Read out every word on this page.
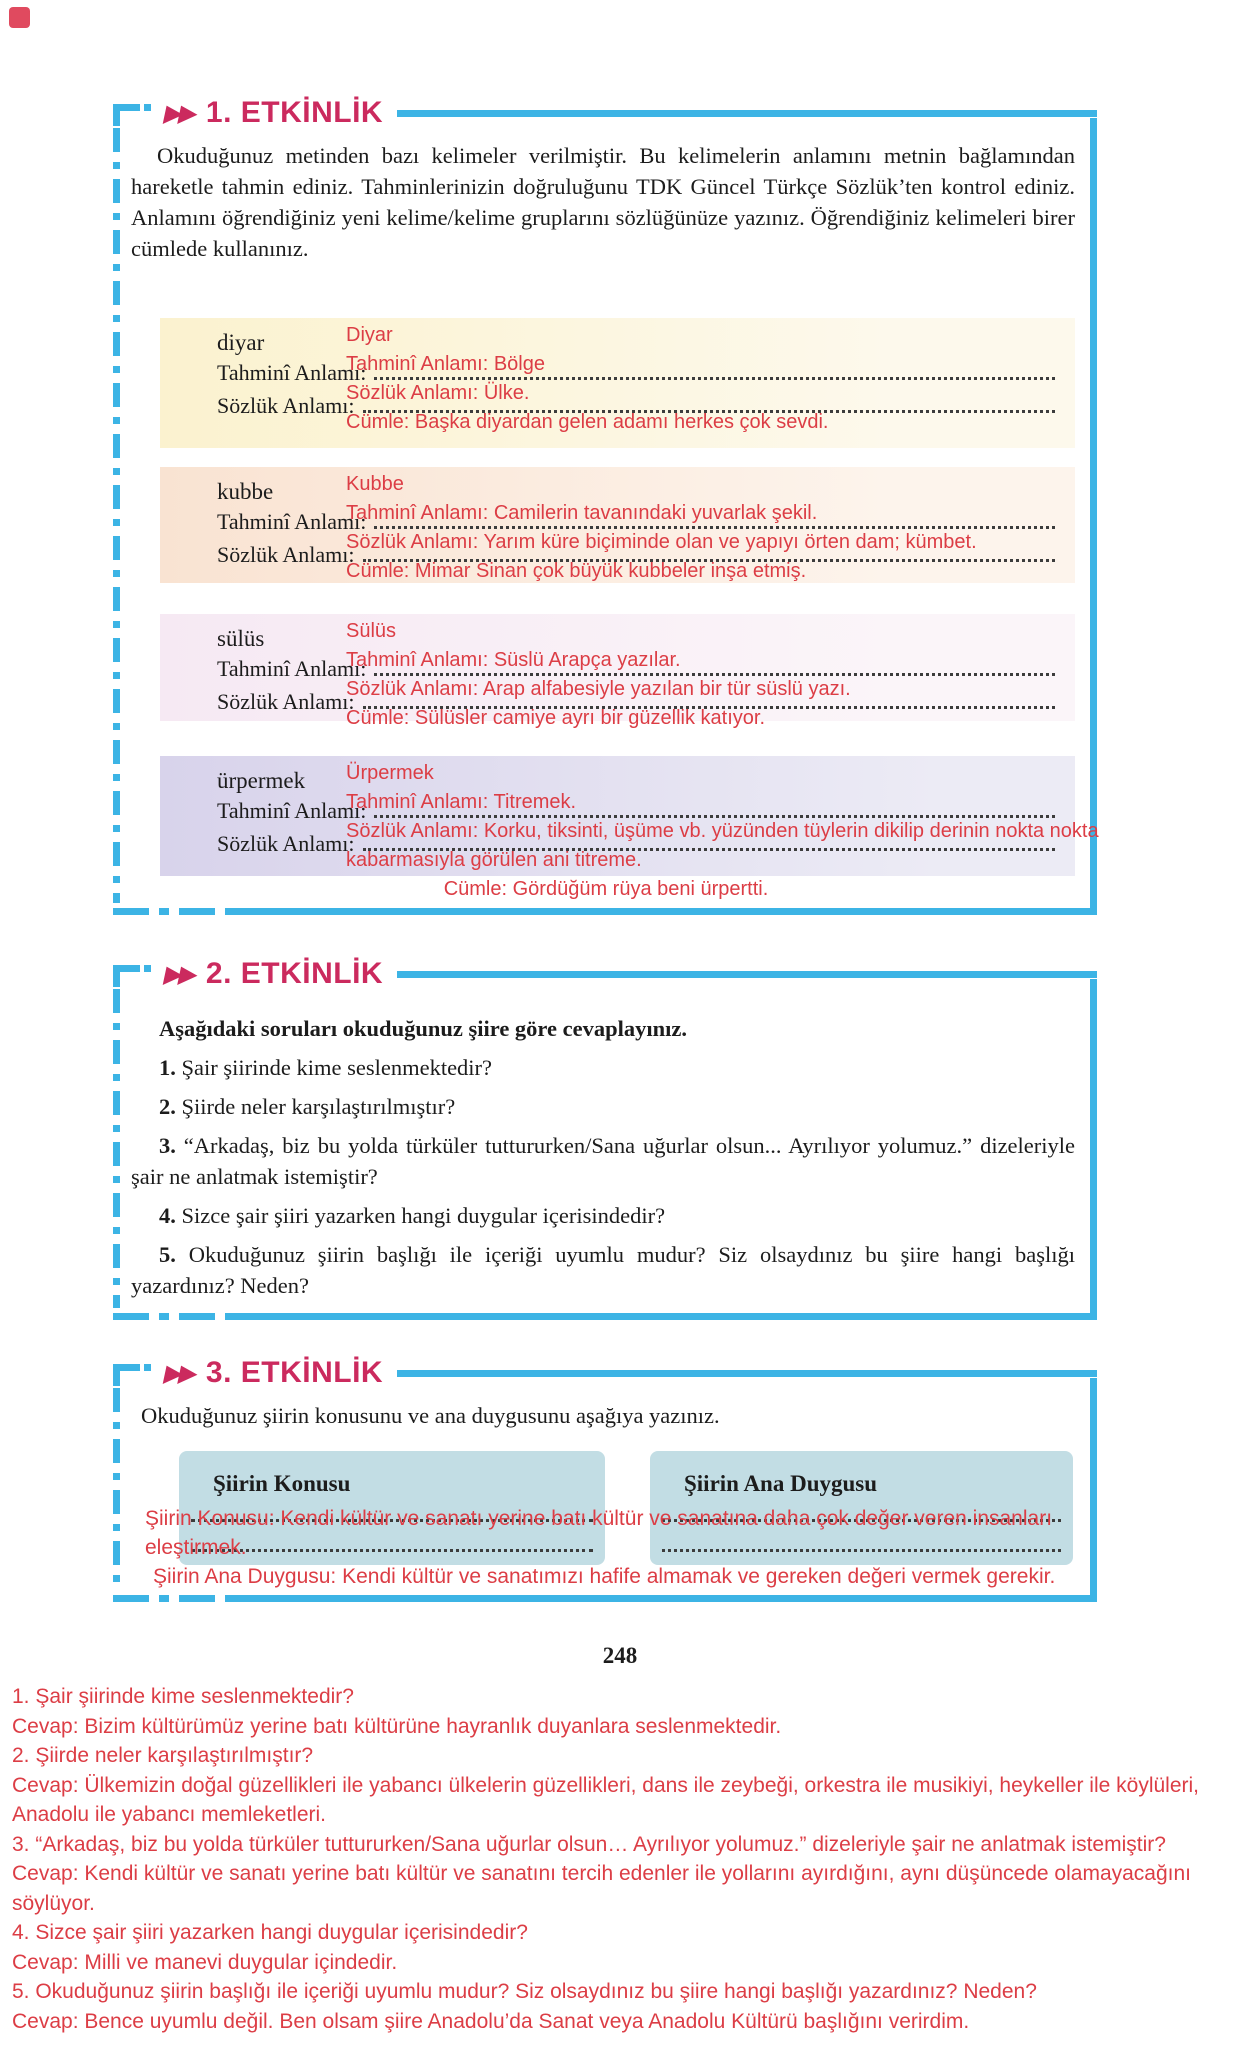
▶▶ 1. ETKİNLİK

Okuduğunuz metinden bazı kelimeler verilmiştir. Bu kelimelerin anlamını metnin bağlamından hareketle tahmin ediniz. Tahminlerinizin doğruluğunu TDK Güncel Türkçe Sözlük’ten kontrol ediniz. Anlamını öğrendiğiniz yeni kelime/kelime gruplarını sözlüğünüze yazınız. Öğrendiğiniz kelimeleri birer cümlede kullanınız.

diyar
Tahminî Anlamı:
Sözlük Anlamı:
Diyar
Tahminî Anlamı: Bölge
Sözlük Anlamı: Ülke.
Cümle: Başka diyardan gelen adamı herkes çok sevdi.
kubbe
Tahminî Anlamı:
Sözlük Anlamı:
Kubbe
Tahminî Anlamı: Camilerin tavanındaki yuvarlak şekil.
Sözlük Anlamı: Yarım küre biçiminde olan ve yapıyı örten dam; kümbet.
Cümle: Mimar Sinan çok büyük kubbeler inşa etmiş.
sülüs
Tahminî Anlamı:
Sözlük Anlamı:
Sülüs
Tahminî Anlamı: Süslü Arapça yazılar.
Sözlük Anlamı: Arap alfabesiyle yazılan bir tür süslü yazı.
Cümle: Sülüsler camiye ayrı bir güzellik katıyor.
ürpermek
Tahminî Anlamı:
Sözlük Anlamı:
Ürpermek
Tahminî Anlamı: Titremek.
Sözlük Anlamı: Korku, tiksinti, üşüme vb. yüzünden tüylerin dikilip derinin nokta nokta kabarmasıyla görülen ani titreme.
Cümle: Gördüğüm rüya beni ürpertti.
▶▶ 2. ETKİNLİK

Aşağıdaki soruları okuduğunuz şiire göre cevaplayınız.

1. Şair şiirinde kime seslenmektedir?

2. Şiirde neler karşılaştırılmıştır?

3. “Arkadaş, biz bu yolda türküler tuttururken/Sana uğurlar olsun... Ayrılıyor yolumuz.” dizeleriyle şair ne anlatmak istemiştir?

4. Sizce şair şiiri yazarken hangi duygular içerisindedir?

5. Okuduğunuz şiirin başlığı ile içeriği uyumlu mudur? Siz olsaydınız bu şiire hangi başlığı yazardınız? Neden?

▶▶ 3. ETKİNLİK

Okuduğunuz şiirin konusunu ve ana duygusunu aşağıya yazınız.

Şiirin Konusu	Şiirin Ana Duygusu
Şiirin Konusu: Kendi kültür ve sanatı yerine batı kültür ve sanatına daha çok değer veren insanları
eleştirmek.
Şiirin Ana Duygusu: Kendi kültür ve sanatımızı hafife almamak ve gereken değeri vermek gerekir.
248
1. Şair şiirinde kime seslenmektedir?
Cevap: Bizim kültürümüz yerine batı kültürüne hayranlık duyanlara seslenmektedir.
2. Şiirde neler karşılaştırılmıştır?
Cevap: Ülkemizin doğal güzellikleri ile yabancı ülkelerin güzellikleri, dans ile zeybeği, orkestra ile musikiyi, heykeller ile köylüleri, Anadolu ile yabancı memleketleri.
3. “Arkadaş, biz bu yolda türküler tuttururken/Sana uğurlar olsun… Ayrılıyor yolumuz.” dizeleriyle şair ne anlatmak istemiştir?
Cevap: Kendi kültür ve sanatı yerine batı kültür ve sanatını tercih edenler ile yollarını ayırdığını, aynı düşüncede olamayacağını söylüyor.
4. Sizce şair şiiri yazarken hangi duygular içerisindedir?
Cevap: Milli ve manevi duygular içindedir.
5. Okuduğunuz şiirin başlığı ile içeriği uyumlu mudur? Siz olsaydınız bu şiire hangi başlığı yazardınız? Neden?
Cevap: Bence uyumlu değil. Ben olsam şiire Anadolu’da Sanat veya Anadolu Kültürü başlığını verirdim.
